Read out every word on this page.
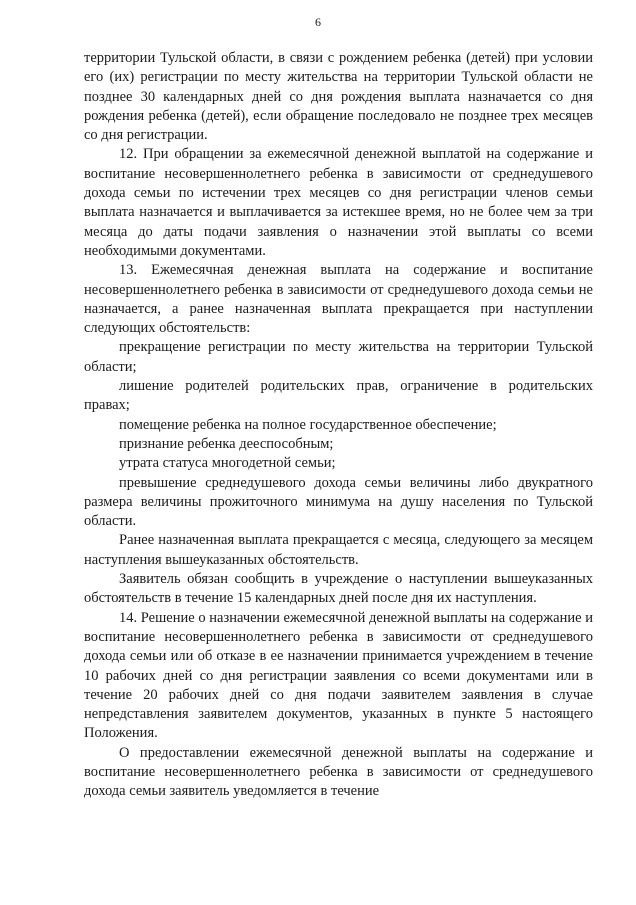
6

территории Тульской области, в связи с рождением ребенка (детей) при условии его (их) регистрации по месту жительства на территории Тульской области не позднее 30 календарных дней со дня рождения выплата назначается со дня рождения ребенка (детей), если обращение последовало не позднее трех месяцев со дня регистрации.

12. При обращении за ежемесячной денежной выплатой на содержание и воспитание несовершеннолетнего ребенка в зависимости от среднедушевого дохода семьи по истечении трех месяцев со дня регистрации членов семьи выплата назначается и выплачивается за истекшее время, но не более чем за три месяца до даты подачи заявления о назначении этой выплаты со всеми необходимыми документами.

13. Ежемесячная денежная выплата на содержание и воспитание несовершеннолетнего ребенка в зависимости от среднедушевого дохода семьи не назначается, а ранее назначенная выплата прекращается при наступлении следующих обстоятельств:

прекращение регистрации по месту жительства на территории Тульской области;

лишение родителей родительских прав, ограничение в родительских правах;

помещение ребенка на полное государственное обеспечение;

признание ребенка дееспособным;

утрата статуса многодетной семьи;

превышение среднедушевого дохода семьи величины либо двукратного размера величины прожиточного минимума на душу населения по Тульской области.

Ранее назначенная выплата прекращается с месяца, следующего за месяцем наступления вышеуказанных обстоятельств.

Заявитель обязан сообщить в учреждение о наступлении вышеуказанных обстоятельств в течение 15 календарных дней после дня их наступления.

14. Решение о назначении ежемесячной денежной выплаты на содержание и воспитание несовершеннолетнего ребенка в зависимости от среднедушевого дохода семьи или об отказе в ее назначении принимается учреждением в течение 10 рабочих дней со дня регистрации заявления со всеми документами или в течение 20 рабочих дней со дня подачи заявителем заявления в случае непредставления заявителем документов, указанных в пункте 5 настоящего Положения.

О предоставлении ежемесячной денежной выплаты на содержание и воспитание несовершеннолетнего ребенка в зависимости от среднедушевого дохода семьи заявитель уведомляется в течение
